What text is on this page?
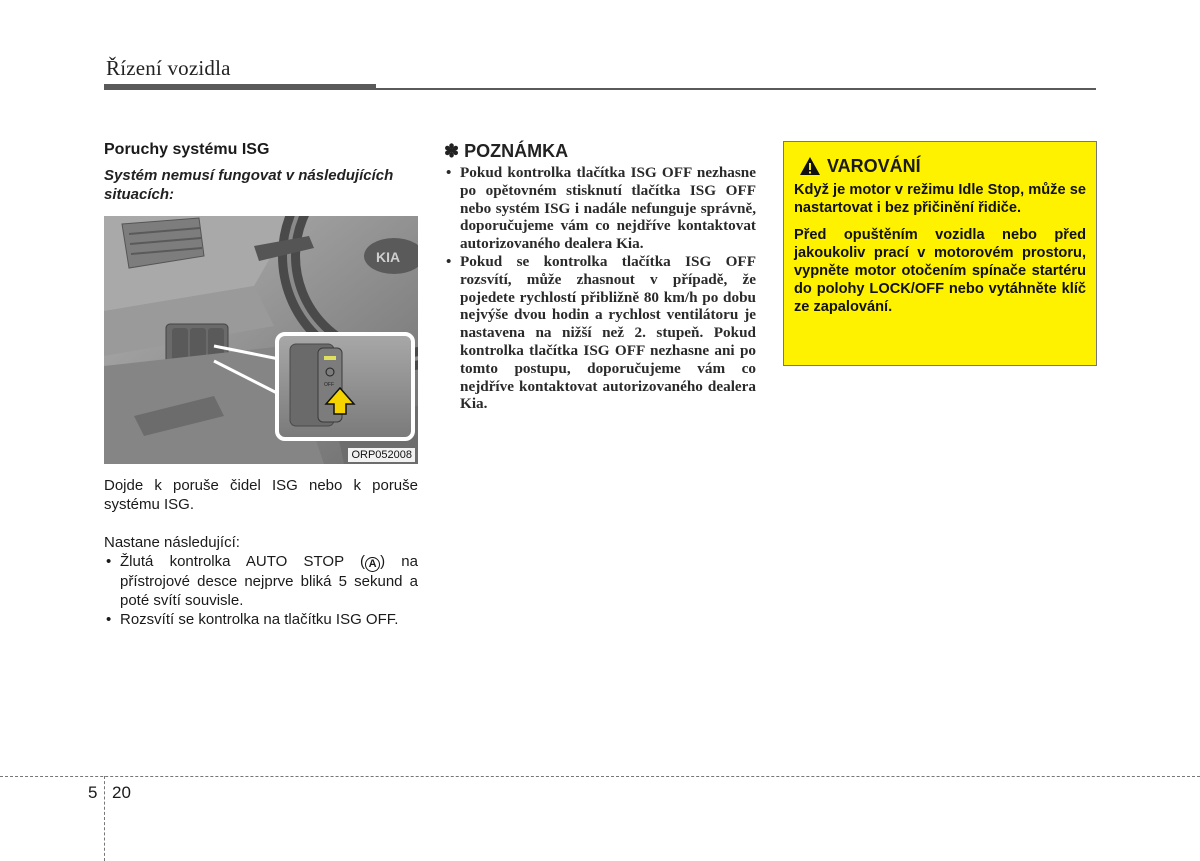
Řízení vozidla
Poruchy systému ISG
Systém nemusí fungovat v následujících situacích:
KIA
OFF
ORP052008
Dojde k poruše čidel ISG nebo k poruše systému ISG.
Nastane následující:
• Žlutá kontrolka AUTO STOP ( A ) na přístrojové desce nejprve bliká 5 sekund a poté svítí souvisle.
• Rozsvítí se kontrolka na tlačítku ISG OFF.
✽ POZNÁMKA
• Pokud kontrolka tlačítka ISG OFF nezhasne po opětovném stisknutí tlačítka ISG OFF nebo systém ISG i nadále nefunguje správně, doporučujeme vám co nejdříve kontaktovat autorizovaného dealera Kia.
• Pokud se kontrolka tlačítka ISG OFF rozsvítí, může zhasnout v případě, že pojedete rychlostí přibližně 80 km/h po dobu nejvýše dvou hodin a rychlost ventilátoru je nastavena na nižší než 2. stupeň. Pokud kontrolka tlačítka ISG OFF nezhasne ani po tomto postupu, doporučujeme vám co nejdříve kontaktovat autorizovaného dealera Kia.
VAROVÁNÍ
Když je motor v režimu Idle Stop, může se nastartovat i bez přičinění řidiče.
Před opuštěním vozidla nebo před jakoukoliv prací v motorovém prostoru, vypněte motor otočením spínače startéru do polohy LOCK/OFF nebo vytáhněte klíč ze zapalování.
5 20
